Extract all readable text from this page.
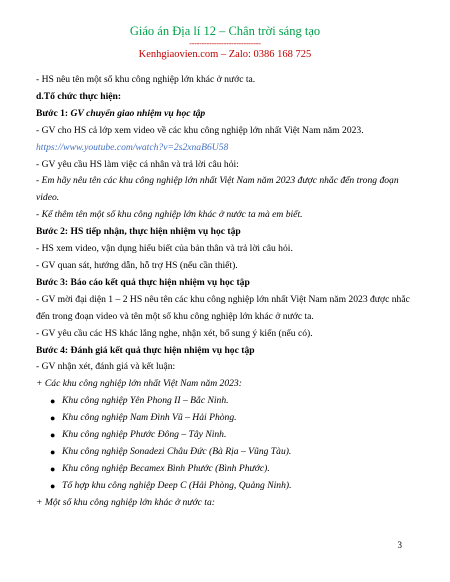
Giáo án Địa lí 12 – Chân trời sáng tạo
-----------------------------
Kenhgiaovien.com – Zalo: 0386 168 725
- HS nêu tên một số khu công nghiệp lớn khác ở nước ta.
d.Tổ chức thực hiện:
Bước 1: GV chuyển giao nhiệm vụ học tập
- GV cho HS cả lớp xem video về các khu công nghiệp lớn nhất Việt Nam năm 2023.
https://www.youtube.com/watch?v=2s2xnaB6U58
- GV yêu cầu HS làm việc cá nhân và trả lời câu hỏi:
- Em hãy nêu tên các khu công nghiệp lớn nhất Việt Nam năm 2023 được nhắc đến trong đoạn video.
- Kể thêm tên một số khu công nghiệp lớn khác ở nước ta mà em biết.
Bước 2: HS tiếp nhận, thực hiện nhiệm vụ học tập
- HS xem video, vận dụng hiểu biết của bản thân và trả lời câu hỏi.
- GV quan sát, hướng dẫn, hỗ trợ HS (nếu cần thiết).
Bước 3: Báo cáo kết quả thực hiện nhiệm vụ học tập
- GV mời đại diện 1 – 2 HS nêu tên các khu công nghiệp lớn nhất Việt Nam năm 2023 được nhắc đến trong đoạn video và tên một số khu công nghiệp lớn khác ở nước ta.
- GV yêu cầu các HS khác lắng nghe, nhận xét, bổ sung ý kiến (nếu có).
Bước 4: Đánh giá kết quả thực hiện nhiệm vụ học tập
- GV nhận xét, đánh giá và kết luận:
+ Các khu công nghiệp lớn nhất Việt Nam năm 2023:
● Khu công nghiệp Yên Phong II – Bắc Ninh.
● Khu công nghiệp Nam Đình Vũ – Hải Phòng.
● Khu công nghiệp Phước Đông – Tây Ninh.
● Khu công nghiệp Sonadezi Châu Đức (Bà Rịa – Vũng Tàu).
● Khu công nghiệp Becamex Bình Phước (Bình Phước).
● Tổ hợp khu công nghiệp Deep C (Hải Phòng, Quảng Ninh).
+ Một số khu công nghiệp lớn khác ở nước ta:
3
